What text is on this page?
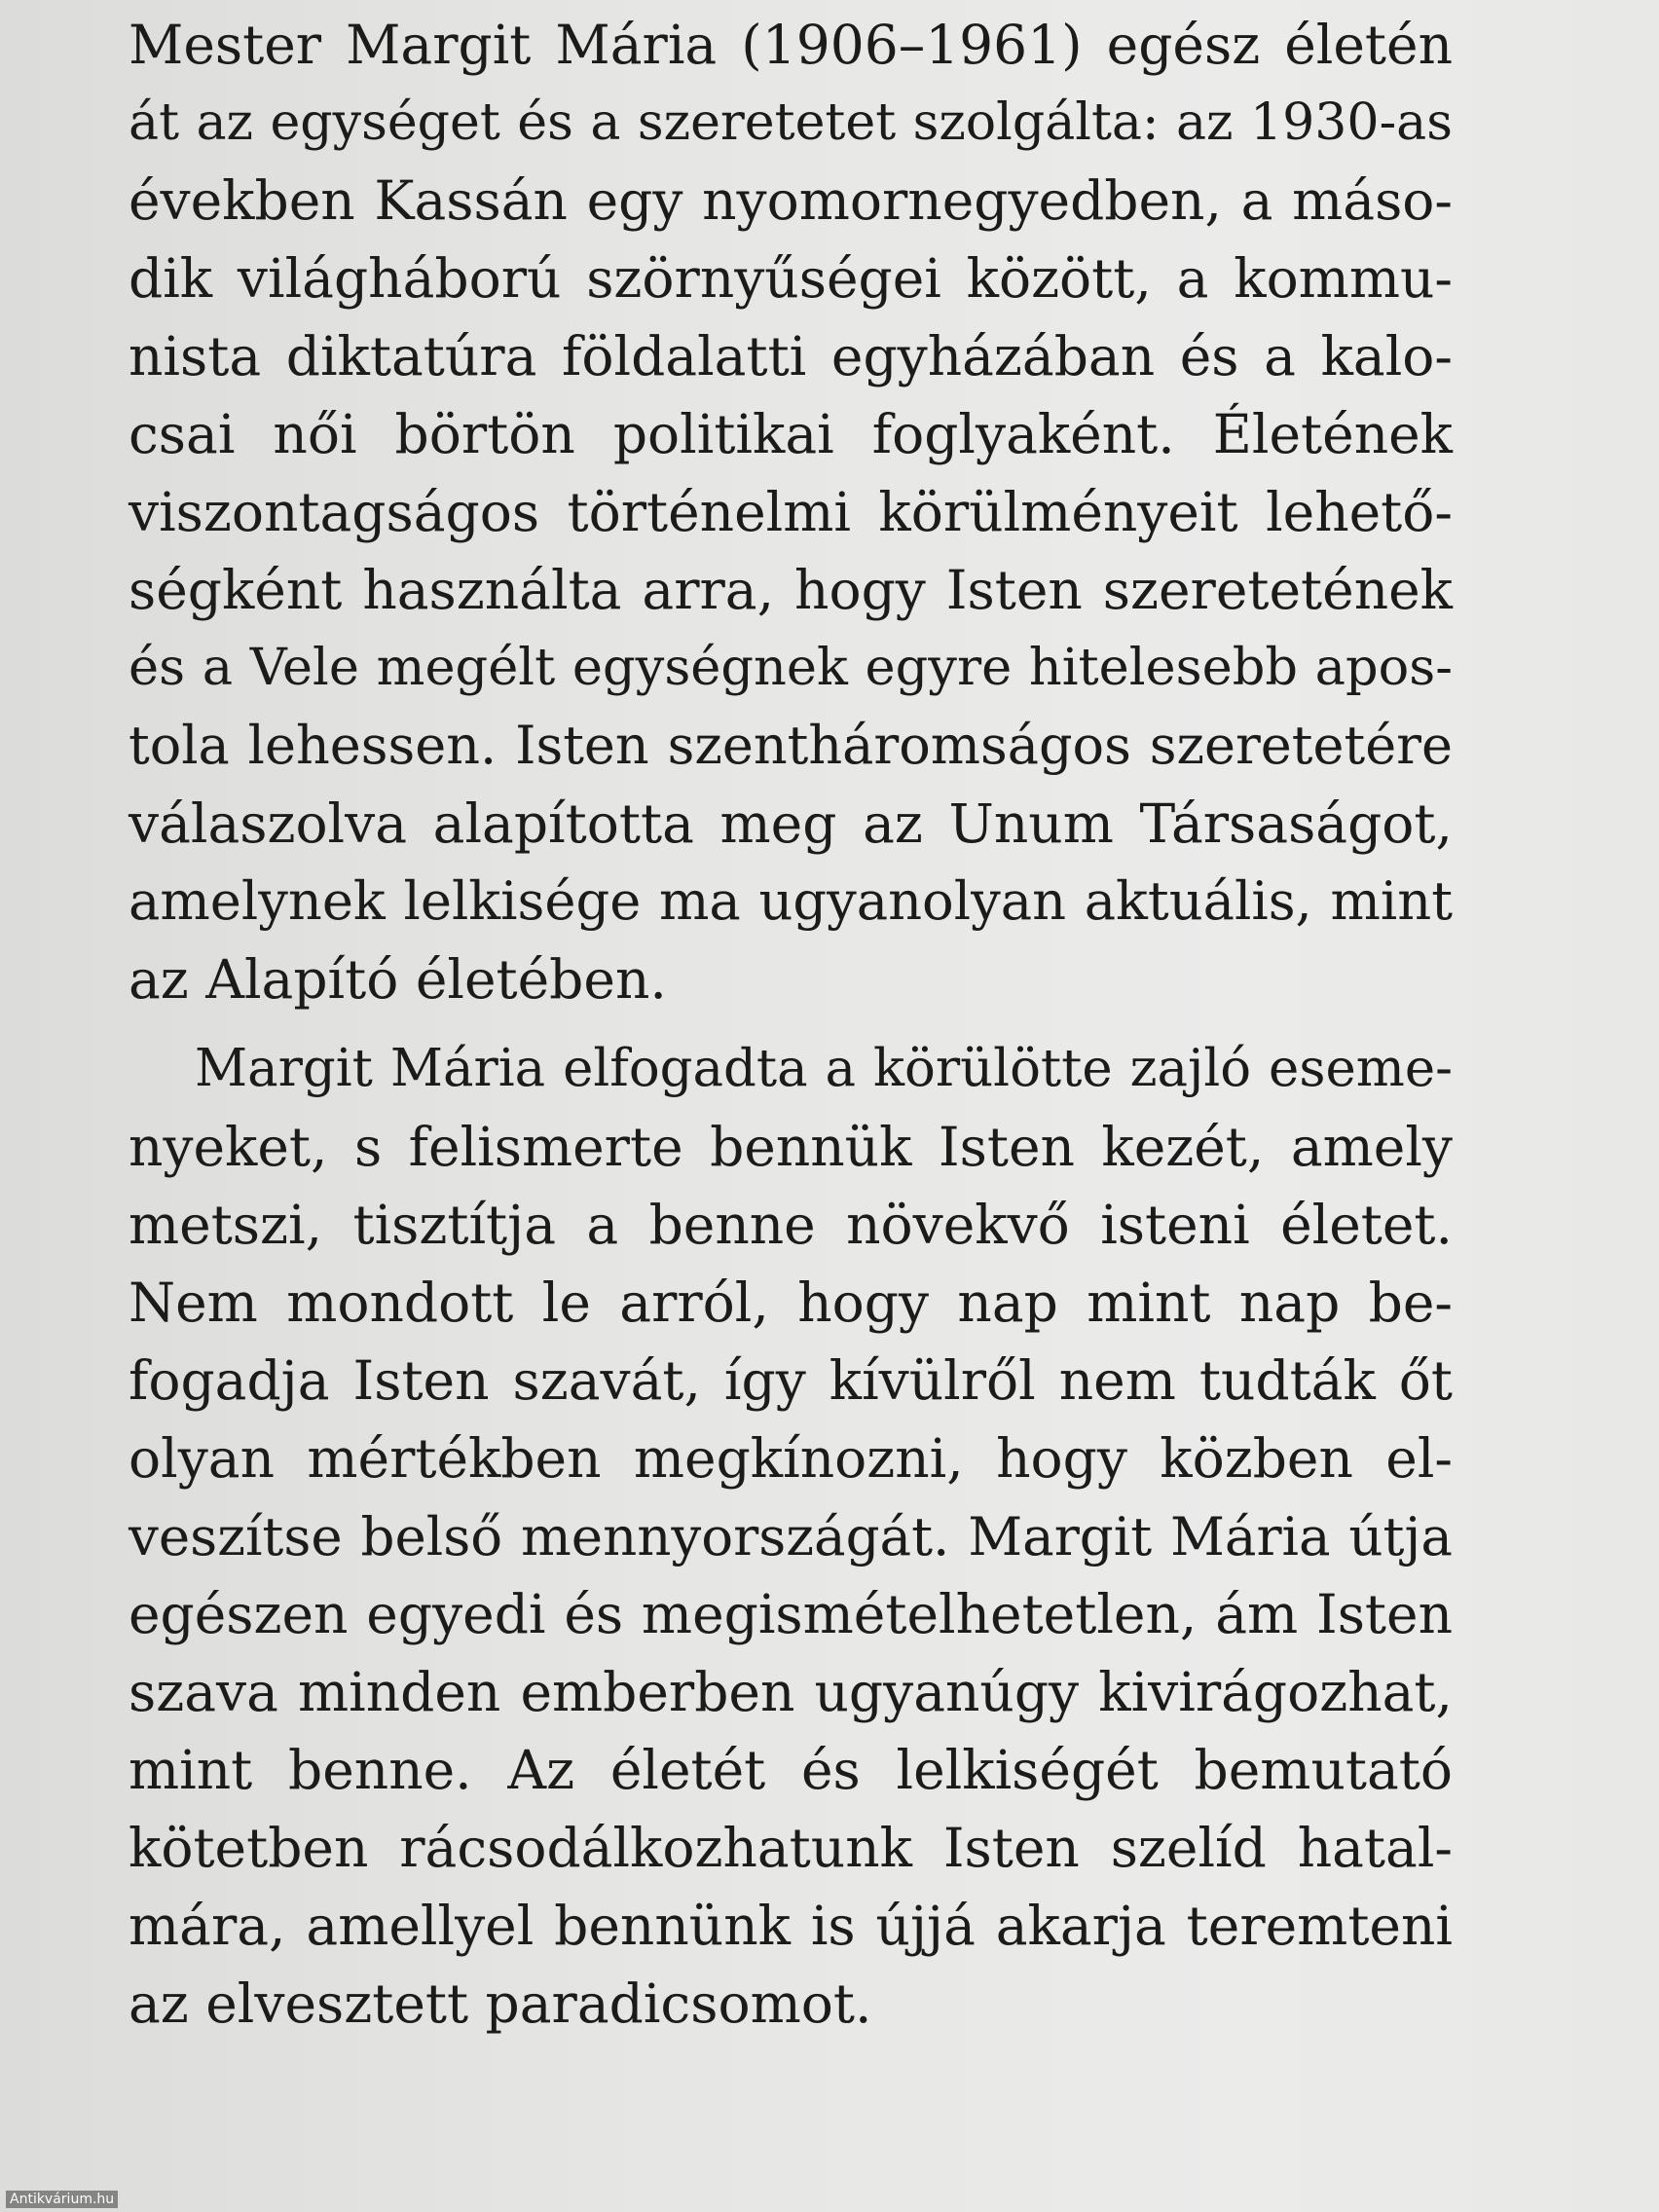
Mester Margit Mária (1906–1961) egész életén
át az egységet és a szeretetet szolgálta: az 1930-as
években Kassán egy nyomornegyedben, a máso-
dik világháború szörnyűségei között, a kommu-
nista diktatúra földalatti egyházában és a kalo-
csai női börtön politikai foglyaként. Életének
viszontagságos történelmi körülményeit lehető-
ségként használta arra, hogy Isten szeretetének
és a Vele megélt egységnek egyre hitelesebb apos-
tola lehessen. Isten szentháromságos szeretetére
válaszolva alapította meg az Unum Társaságot,
amelynek lelkisége ma ugyanolyan aktuális, mint
az Alapító életében.
Margit Mária elfogadta a körülötte zajló eseme-
nyeket, s felismerte bennük Isten kezét, amely
metszi, tisztítja a benne növekvő isteni életet.
Nem mondott le arról, hogy nap mint nap be-
fogadja Isten szavát, így kívülről nem tudták őt
olyan mértékben megkínozni, hogy közben el-
veszítse belső mennyországát. Margit Mária útja
egészen egyedi és megismételhetetlen, ám Isten
szava minden emberben ugyanúgy kivirágozhat,
mint benne. Az életét és lelkiségét bemutató
kötetben rácsodálkozhatunk Isten szelíd hatal-
mára, amellyel bennünk is újjá akarja teremteni
az elvesztett paradicsomot.
Antikvárium.hu
